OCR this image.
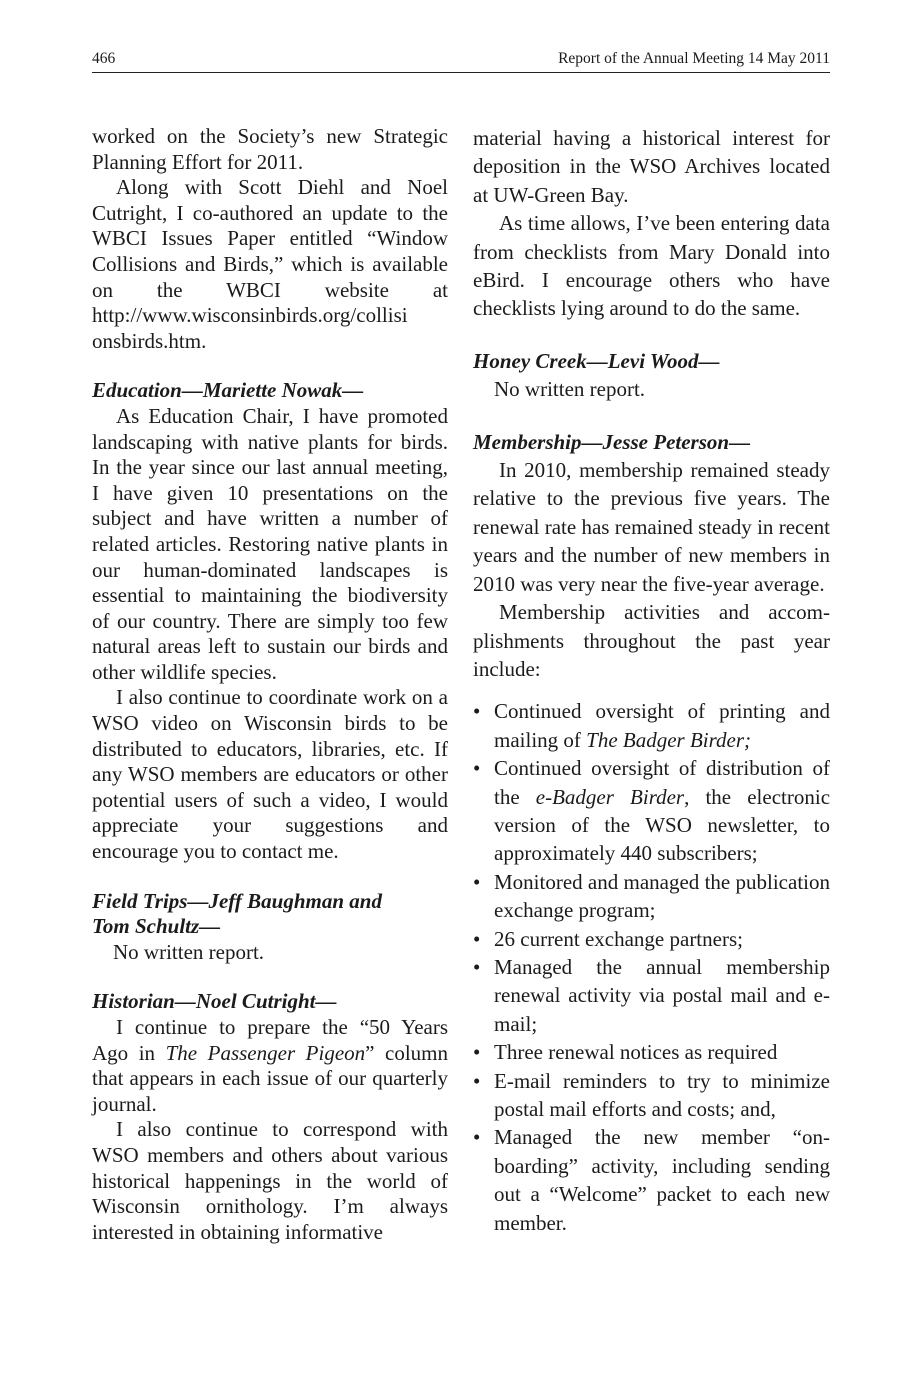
466	Report of the Annual Meeting 14 May 2011

worked on the Society’s new Strategic Planning Effort for 2011.

Along with Scott Diehl and Noel Cutright, I co-authored an update to the WBCI Issues Paper entitled “Window Collisions and Birds,” which is available on the WBCI website at http://www.wisconsinbirds.org/collisi​onsbirds.htm.

Education—Mariette Nowak—

As Education Chair, I have promoted landscaping with native plants for birds. In the year since our last annual meeting, I have given 10 presentations on the subject and have written a number of related articles. Restoring native plants in our human-dominated landscapes is essential to maintaining the biodiversity of our country. There are simply too few natural areas left to sustain our birds and other wildlife species.

I also continue to coordinate work on a WSO video on Wisconsin birds to be distributed to educators, libraries, etc. If any WSO members are educators or other potential users of such a video, I would appreciate your suggestions and encourage you to contact me.

Field Trips—Jeff Baughman and
Tom Schultz—

No written report.

Historian—Noel Cutright—

I continue to prepare the “50 Years Ago in The Passenger Pigeon” column that appears in each issue of our quarterly journal.

I also continue to correspond with WSO members and others about various historical happenings in the world of Wisconsin ornithology. I’m always interested in obtaining informative

material having a historical interest for deposition in the WSO Archives located at UW-Green Bay.

As time allows, I’ve been entering data from checklists from Mary Donald into eBird. I encourage others who have checklists lying around to do the same.

Honey Creek—Levi Wood—

No written report.

Membership—Jesse Peterson—

In 2010, membership remained steady relative to the previous five years. The renewal rate has remained steady in recent years and the number of new members in 2010 was very near the five-year average.

Membership activities and accomplishments throughout the past year include:

• Continued oversight of printing and mailing of The Badger Birder;
• Continued oversight of distribution of the e-Badger Birder, the electronic version of the WSO newsletter, to approximately 440 subscribers;
• Monitored and managed the publication exchange program;
• 26 current exchange partners;
• Managed the annual membership renewal activity via postal mail and e-mail;
• Three renewal notices as required
• E-mail reminders to try to minimize postal mail efforts and costs; and,
• Managed the new member “onboarding” activity, including sending out a “Welcome” packet to each new member.
